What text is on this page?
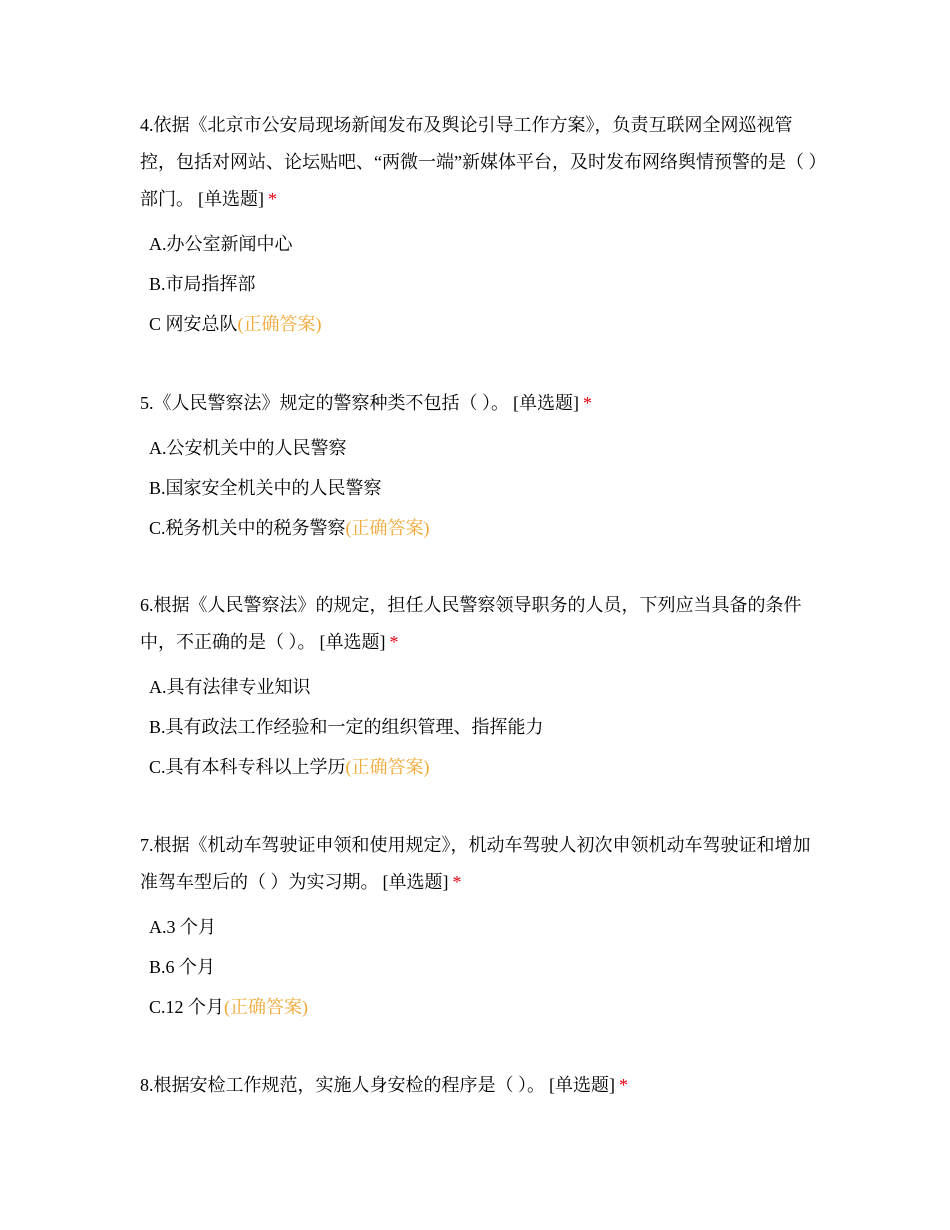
4.依据《北京市公安局现场新闻发布及舆论引导工作方案》，负责互联网全网巡视管控，包括对网站、论坛贴吧、“两微一端”新媒体平台，及时发布网络舆情预警的是（ ）部门。 [单选题] *

A.办公室新闻中心
B.市局指挥部
C 网安总队(正确答案)

5.《人民警察法》规定的警察种类不包括（ ）。 [单选题] *

A.公安机关中的人民警察
B.国家安全机关中的人民警察
C.税务机关中的税务警察(正确答案)

6.根据《人民警察法》的规定，担任人民警察领导职务的人员，下列应当具备的条件中，不正确的是（ ）。 [单选题] *

A.具有法律专业知识
B.具有政法工作经验和一定的组织管理、指挥能力
C.具有本科专科以上学历(正确答案)

7.根据《机动车驾驶证申领和使用规定》，机动车驾驶人初次申领机动车驾驶证和增加准驾车型后的（ ）为实习期。 [单选题] *

A.3 个月
B.6 个月
C.12 个月(正确答案)

8.根据安检工作规范，实施人身安检的程序是（ ）。 [单选题] *
